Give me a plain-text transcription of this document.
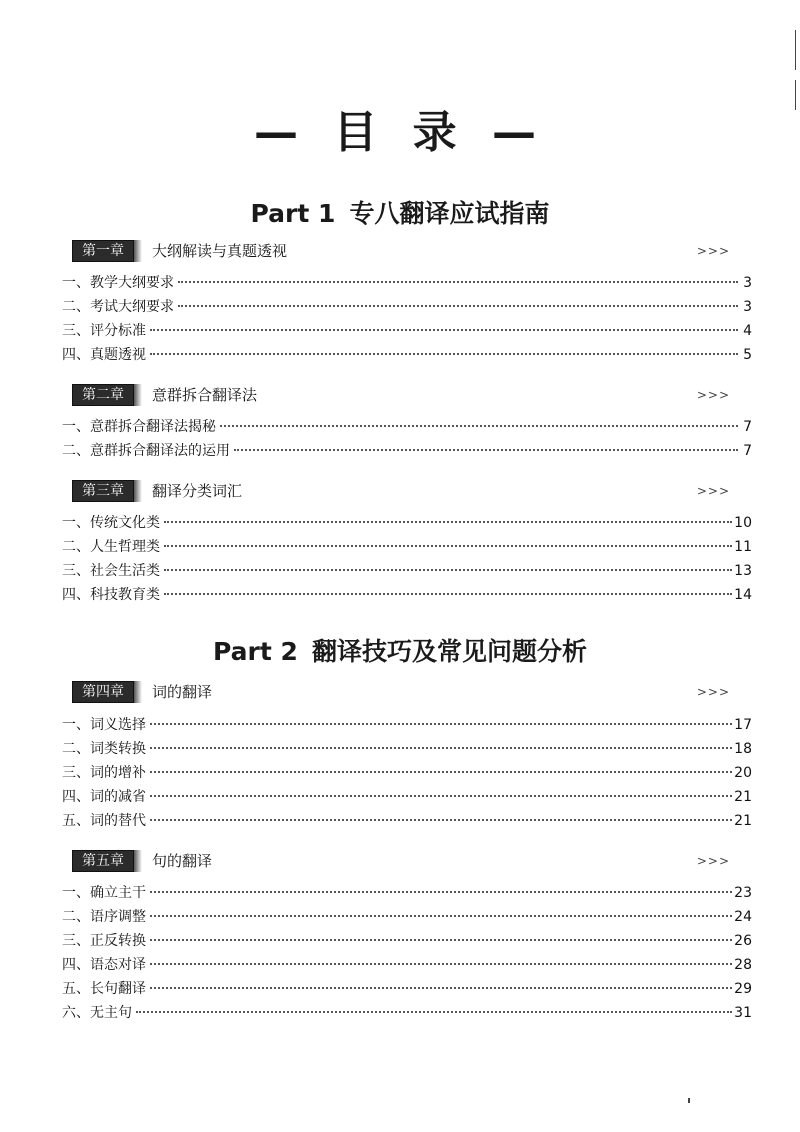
— 目 录 —
Part 1 专八翻译应试指南
第一章	大纲解读与真题透视	>>>
一、教学大纲要求	3
二、考试大纲要求	3
三、评分标准	4
四、真题透视	5
第二章	意群拆合翻译法	>>>
一、意群拆合翻译法揭秘	7
二、意群拆合翻译法的运用	7
第三章	翻译分类词汇	>>>
一、传统文化类	10
二、人生哲理类	11
三、社会生活类	13
四、科技教育类	14
Part 2 翻译技巧及常见问题分析
第四章	词的翻译	>>>
一、词义选择	17
二、词类转换	18
三、词的增补	20
四、词的减省	21
五、词的替代	21
第五章	句的翻译	>>>
一、确立主干	23
二、语序调整	24
三、正反转换	26
四、语态对译	28
五、长句翻译	29
六、无主句	31
